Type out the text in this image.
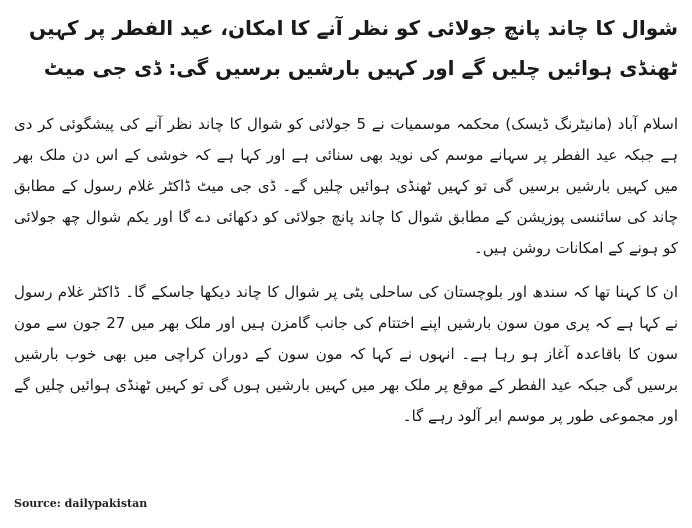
شوال کا چاند پانچ جولائی کو نظر آنے کا امکان، عید الفطر پر کہیں ٹھنڈی ہوائیں چلیں گے اور کہیں بارشیں برسیں گی: ڈی جی میٹ

اسلام آباد (مانیٹرنگ ڈیسک) محکمہ موسمیات نے 5 جولائی کو شوال کا چاند نظر آنے کی پیشگوئی کر دی ہے جبکہ عید الفطر پر سہانے موسم کی نوید بھی سنائی ہے اور کہا ہے کہ خوشی کے اس دن ملک بھر میں کہیں بارشیں برسیں گی تو کہیں ٹھنڈی ہوائیں چلیں گے۔ ڈی جی میٹ ڈاکٹر غلام رسول کے مطابق چاند کی سائنسی پوزیشن کے مطابق شوال کا چاند پانچ جولائی کو دکھائی دے گا اور یکم شوال چھ جولائی کو ہونے کے امکانات روشن ہیں۔

ان کا کہنا تھا کہ سندھ اور بلوچستان کی ساحلی پٹی پر شوال کا چاند دیکھا جاسکے گا۔ ڈاکٹر غلام رسول نے کہا ہے کہ پری مون سون بارشیں اپنے اختتام کی جانب گامزن ہیں اور ملک بھر میں 27 جون سے مون سون کا باقاعدہ آغاز ہو رہا ہے۔ انہوں نے کہا کہ مون سون کے دوران کراچی میں بھی خوب بارشیں برسیں گی جبکہ عید الفطر کے موقع پر ملک بھر میں کہیں بارشیں ہوں گی تو کہیں ٹھنڈی ہوائیں چلیں گے اور مجموعی طور پر موسم ابر آلود رہے گا۔

Source: dailypakistan
